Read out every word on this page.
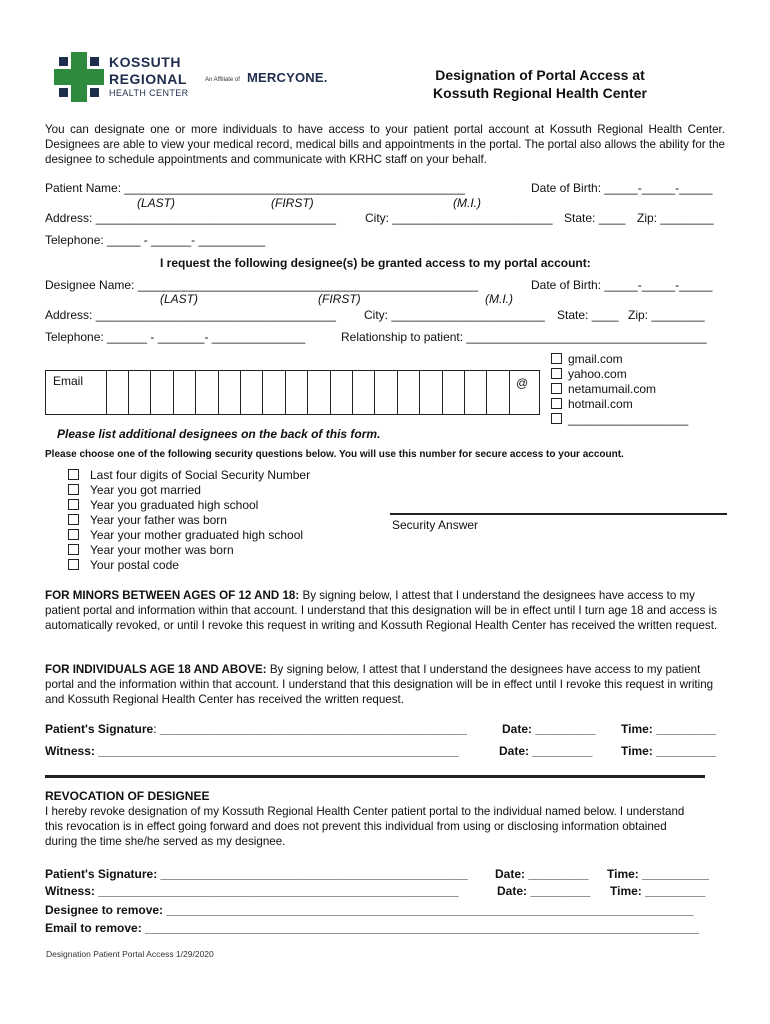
KOSSUTH
REGIONAL
HEALTH CENTER
An Affiliate of MERCYONE.	Designation of Portal Access at
Kossuth Regional Health Center
You can designate one or more individuals to have access to your patient portal account at Kossuth Regional Health Center. Designees are able to view your medical record, medical bills and appointments in the portal. The portal also allows the ability for the designee to schedule appointments and communicate with KRHC staff on your behalf.
Patient Name: ___________________________________________________	Date of Birth: _____-_____-_____
(LAST)	(FIRST)	(M.I.)
Address: ____________________________________ City: ________________________ State: ____ Zip: ________
Telephone: _____ - ______- __________
I request the following designee(s) be granted access to my portal account:
Designee Name: ___________________________________________________	Date of Birth: _____-_____-_____
(LAST)	(FIRST)	(M.I.)
Address: ____________________________________ City: _______________________ State: ____ Zip: ________
Telephone: ______ - _______- ______________	Relationship to patient: ____________________________________
Email	@
gmail.com
yahoo.com
netamumail.com
hotmail.com
__________________
Please list additional designees on the back of this form.
Please choose one of the following security questions below. You will use this number for secure access to your account.
Last four digits of Social Security Number
Year you got married
Year you graduated high school
Year your father was born
Year your mother graduated high school
Year your mother was born
Your postal code
Security Answer
FOR MINORS BETWEEN AGES OF 12 AND 18: By signing below, I attest that I understand the designees have access to my patient portal and information within that account. I understand that this designation will be in effect until I turn age 18 and access is automatically revoked, or until I revoke this request in writing and Kossuth Regional Health Center has received the written request.
FOR INDIVIDUALS AGE 18 AND ABOVE: By signing below, I attest that I understand the designees have access to my patient portal and the information within that account. I understand that this designation will be in effect until I revoke this request in writing and Kossuth Regional Health Center has received the written request.
Patient's Signature: ______________________________________________	Date: _________ Time: _________
Witness: ______________________________________________________	Date: _________ Time: _________
REVOCATION OF DESIGNEE
I hereby revoke designation of my Kossuth Regional Health Center patient portal to the individual named below. I understand this revocation is in effect going forward and does not prevent this individual from using or disclosing information obtained during the time she/he served as my designee.
Patient's Signature: ______________________________________________ Date: _________ Time: __________
Witness: ______________________________________________________	Date: _________ Time: _________
Designee to remove: _______________________________________________________________________________
Email to remove: ___________________________________________________________________________________
Designation Patient Portal Access 1/29/2020
